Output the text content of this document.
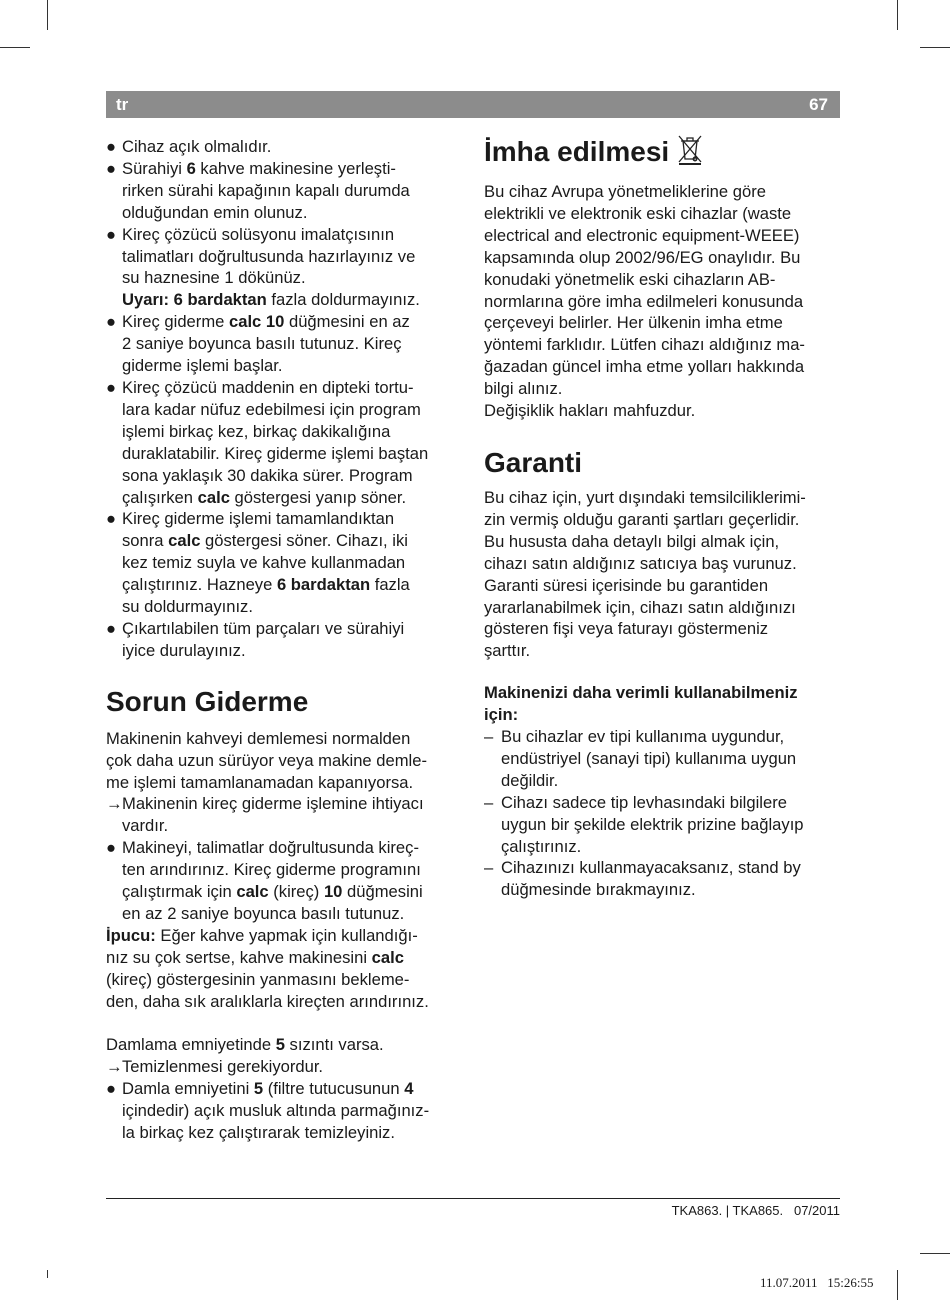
tr	67
● Cihaz açık olmalıdır.
● Sürahiyi 6 kahve makinesine yerleşti-
rirken sürahi kapağının kapalı durumda
olduğundan emin olunuz.
● Kireç çözücü solüsyonu imalatçısının
talimatları doğrultusunda hazırlayınız ve
su haznesine 1 dökünüz.
Uyarı: 6 bardaktan fazla doldurmayınız.
● Kireç giderme calc 10 düğmesini en az
2 saniye boyunca basılı tutunuz. Kireç
giderme işlemi başlar.
● Kireç çözücü maddenin en dipteki tortu-
lara kadar nüfuz edebilmesi için program
işlemi birkaç kez, birkaç dakikalığına
duraklatabilir. Kireç giderme işlemi baştan
sona yaklaşık 30 dakika sürer. Program
çalışırken calc göstergesi yanıp söner.
● Kireç giderme işlemi tamamlandıktan
sonra calc göstergesi söner. Cihazı, iki
kez temiz suyla ve kahve kullanmadan
çalıştırınız. Hazneye 6 bardaktan fazla
su doldurmayınız.
● Çıkartılabilen tüm parçaları ve sürahiyi
iyice durulayınız.
Sorun Giderme
Makinenin kahveyi demlemesi normalden
çok daha uzun sürüyor veya makine demle-
me işlemi tamamlanamadan kapanıyorsa.
→ Makinenin kireç giderme işlemine ihtiyacı
vardır.
● Makineyi, talimatlar doğrultusunda kireç-
ten arındırınız. Kireç giderme programını
çalıştırmak için calc (kireç) 10 düğmesini
en az 2 saniye boyunca basılı tutunuz.
İpucu: Eğer kahve yapmak için kullandığı-
nız su çok sertse, kahve makinesini calc
(kireç) göstergesinin yanmasını bekleme-
den, daha sık aralıklarla kireçten arındırınız.
Damlama emniyetinde 5 sızıntı varsa.
→ Temizlenmesi gerekiyordur.
● Damla emniyetini 5 (filtre tutucusunun 4
içindedir) açık musluk altında parmağınız-
la birkaç kez çalıştırarak temizleyiniz.
İmha edilmesi
Bu cihaz Avrupa yönetmeliklerine göre
elektrikli ve elektronik eski cihazlar (waste
electrical and electronic equipment-WEEE)
kapsamında olup 2002/96/EG onaylıdır. Bu
konudaki yönetmelik eski cihazların AB-
normlarına göre imha edilmeleri konusunda
çerçeveyi belirler. Her ülkenin imha etme
yöntemi farklıdır. Lütfen cihazı aldığınız ma-
ğazadan güncel imha etme yolları hakkında
bilgi alınız.
Değişiklik hakları mahfuzdur.
Garanti
Bu cihaz için, yurt dışındaki temsilciliklerimi-
zin vermiş olduğu garanti şartları geçerlidir.
Bu hususta daha detaylı bilgi almak için,
cihazı satın aldığınız satıcıya baş vurunuz.
Garanti süresi içerisinde bu garantiden
yararlanabilmek için, cihazı satın aldığınızı
gösteren fişi veya faturayı göstermeniz
şarttır.
Makinenizi daha verimli kullanabilmeniz
için:
– Bu cihazlar ev tipi kullanıma uygundur,
endüstriyel (sanayi tipi) kullanıma uygun
değildir.
– Cihazı sadece tip levhasındaki bilgilere
uygun bir şekilde elektrik prizine bağlayıp
çalıştırınız.
– Cihazınızı kullanmayacaksanız, stand by
düğmesinde bırakmayınız.
TKA863. | TKA865.   07/2011
11.07.2011   15:26:55
